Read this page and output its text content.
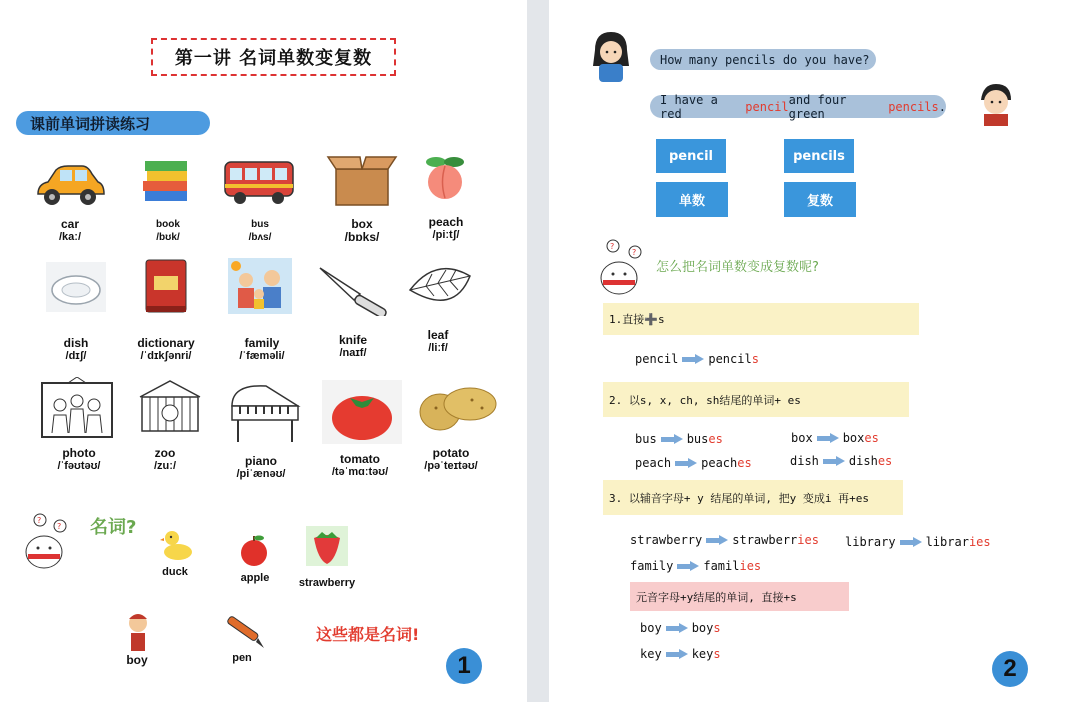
第一讲 名词单数变复数
课前单词拼读练习
car
/kaː/
book
/bʊk/
bus
/bʌs/
box
/bɒks/
peach
/piːtʃ/
dish
/dɪʃ/
dictionary
/ˈdɪkʃənri/
family
/ˈfæməli/
knife
/naɪf/
leaf
/liːf/
photo
/ˈfəʊtəʊ/
zoo
/zuː/	piano
/piˈænəʊ/
tomato
/təˈmɑːtəʊ/
potato
/pəˈteɪtəʊ/
?
? 名词?
duck	apple	strawberry
boy	pen
这些都是名词!
1
How many pencils do you have?
I have a red	pencil and four green	pencils .
pencil	pencils
单数	复数
?
?
怎么把名词单数变成复数呢?
1.直接➕s
pencil	pencil s
2. 以s, x, ch, sh结尾的单词+ es
bus	bus es	box	box es
peach	peach es	dish	dish es
3. 以辅音字母+ y 结尾的单词, 把y 变成i 再+es
strawberry	strawberr ies library	librar ies
family	famil ies
元音字母+y结尾的单词, 直接+s
boy	boy s
key	key s
2
